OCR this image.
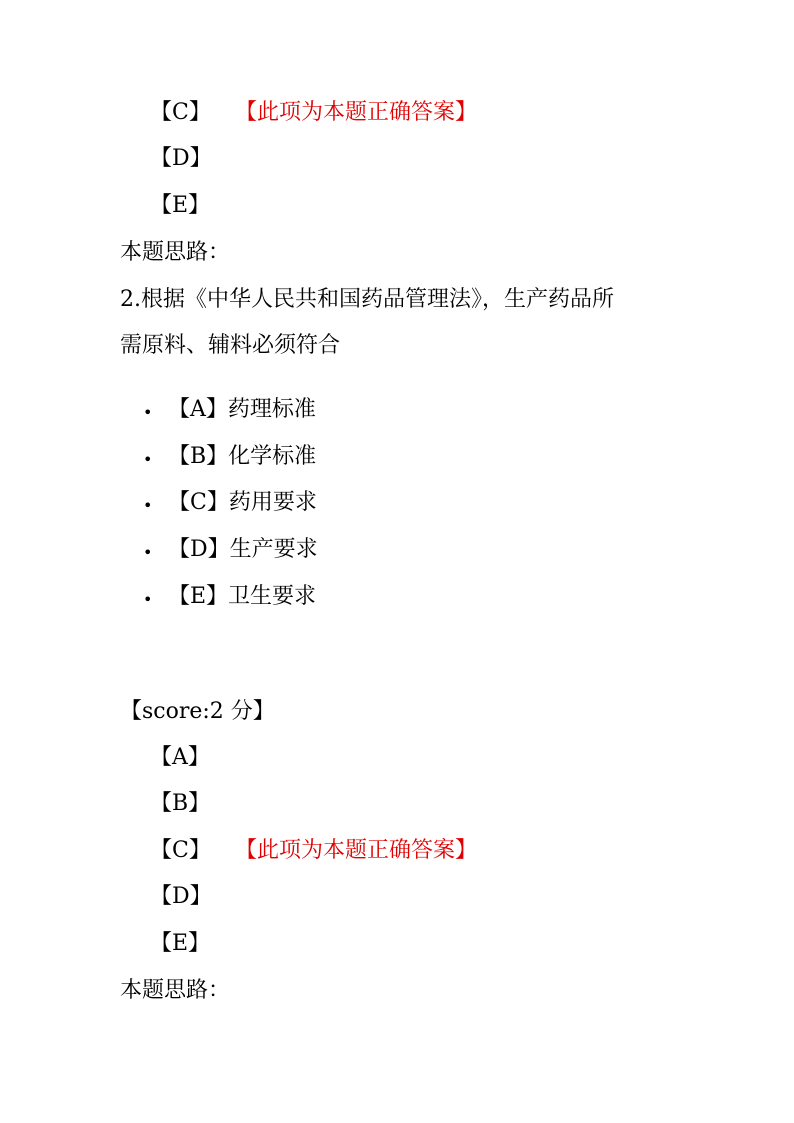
【C】 【此项为本题正确答案】
【D】
【E】
本题思路：
2.根据《中华人民共和国药品管理法》，生产药品所
需原料、辅料必须符合
• 【A】药理标准
• 【B】化学标准
• 【C】药用要求
• 【D】生产要求
• 【E】卫生要求
【score:2 分】
【A】
【B】
【C】 【此项为本题正确答案】
【D】
【E】
本题思路：
